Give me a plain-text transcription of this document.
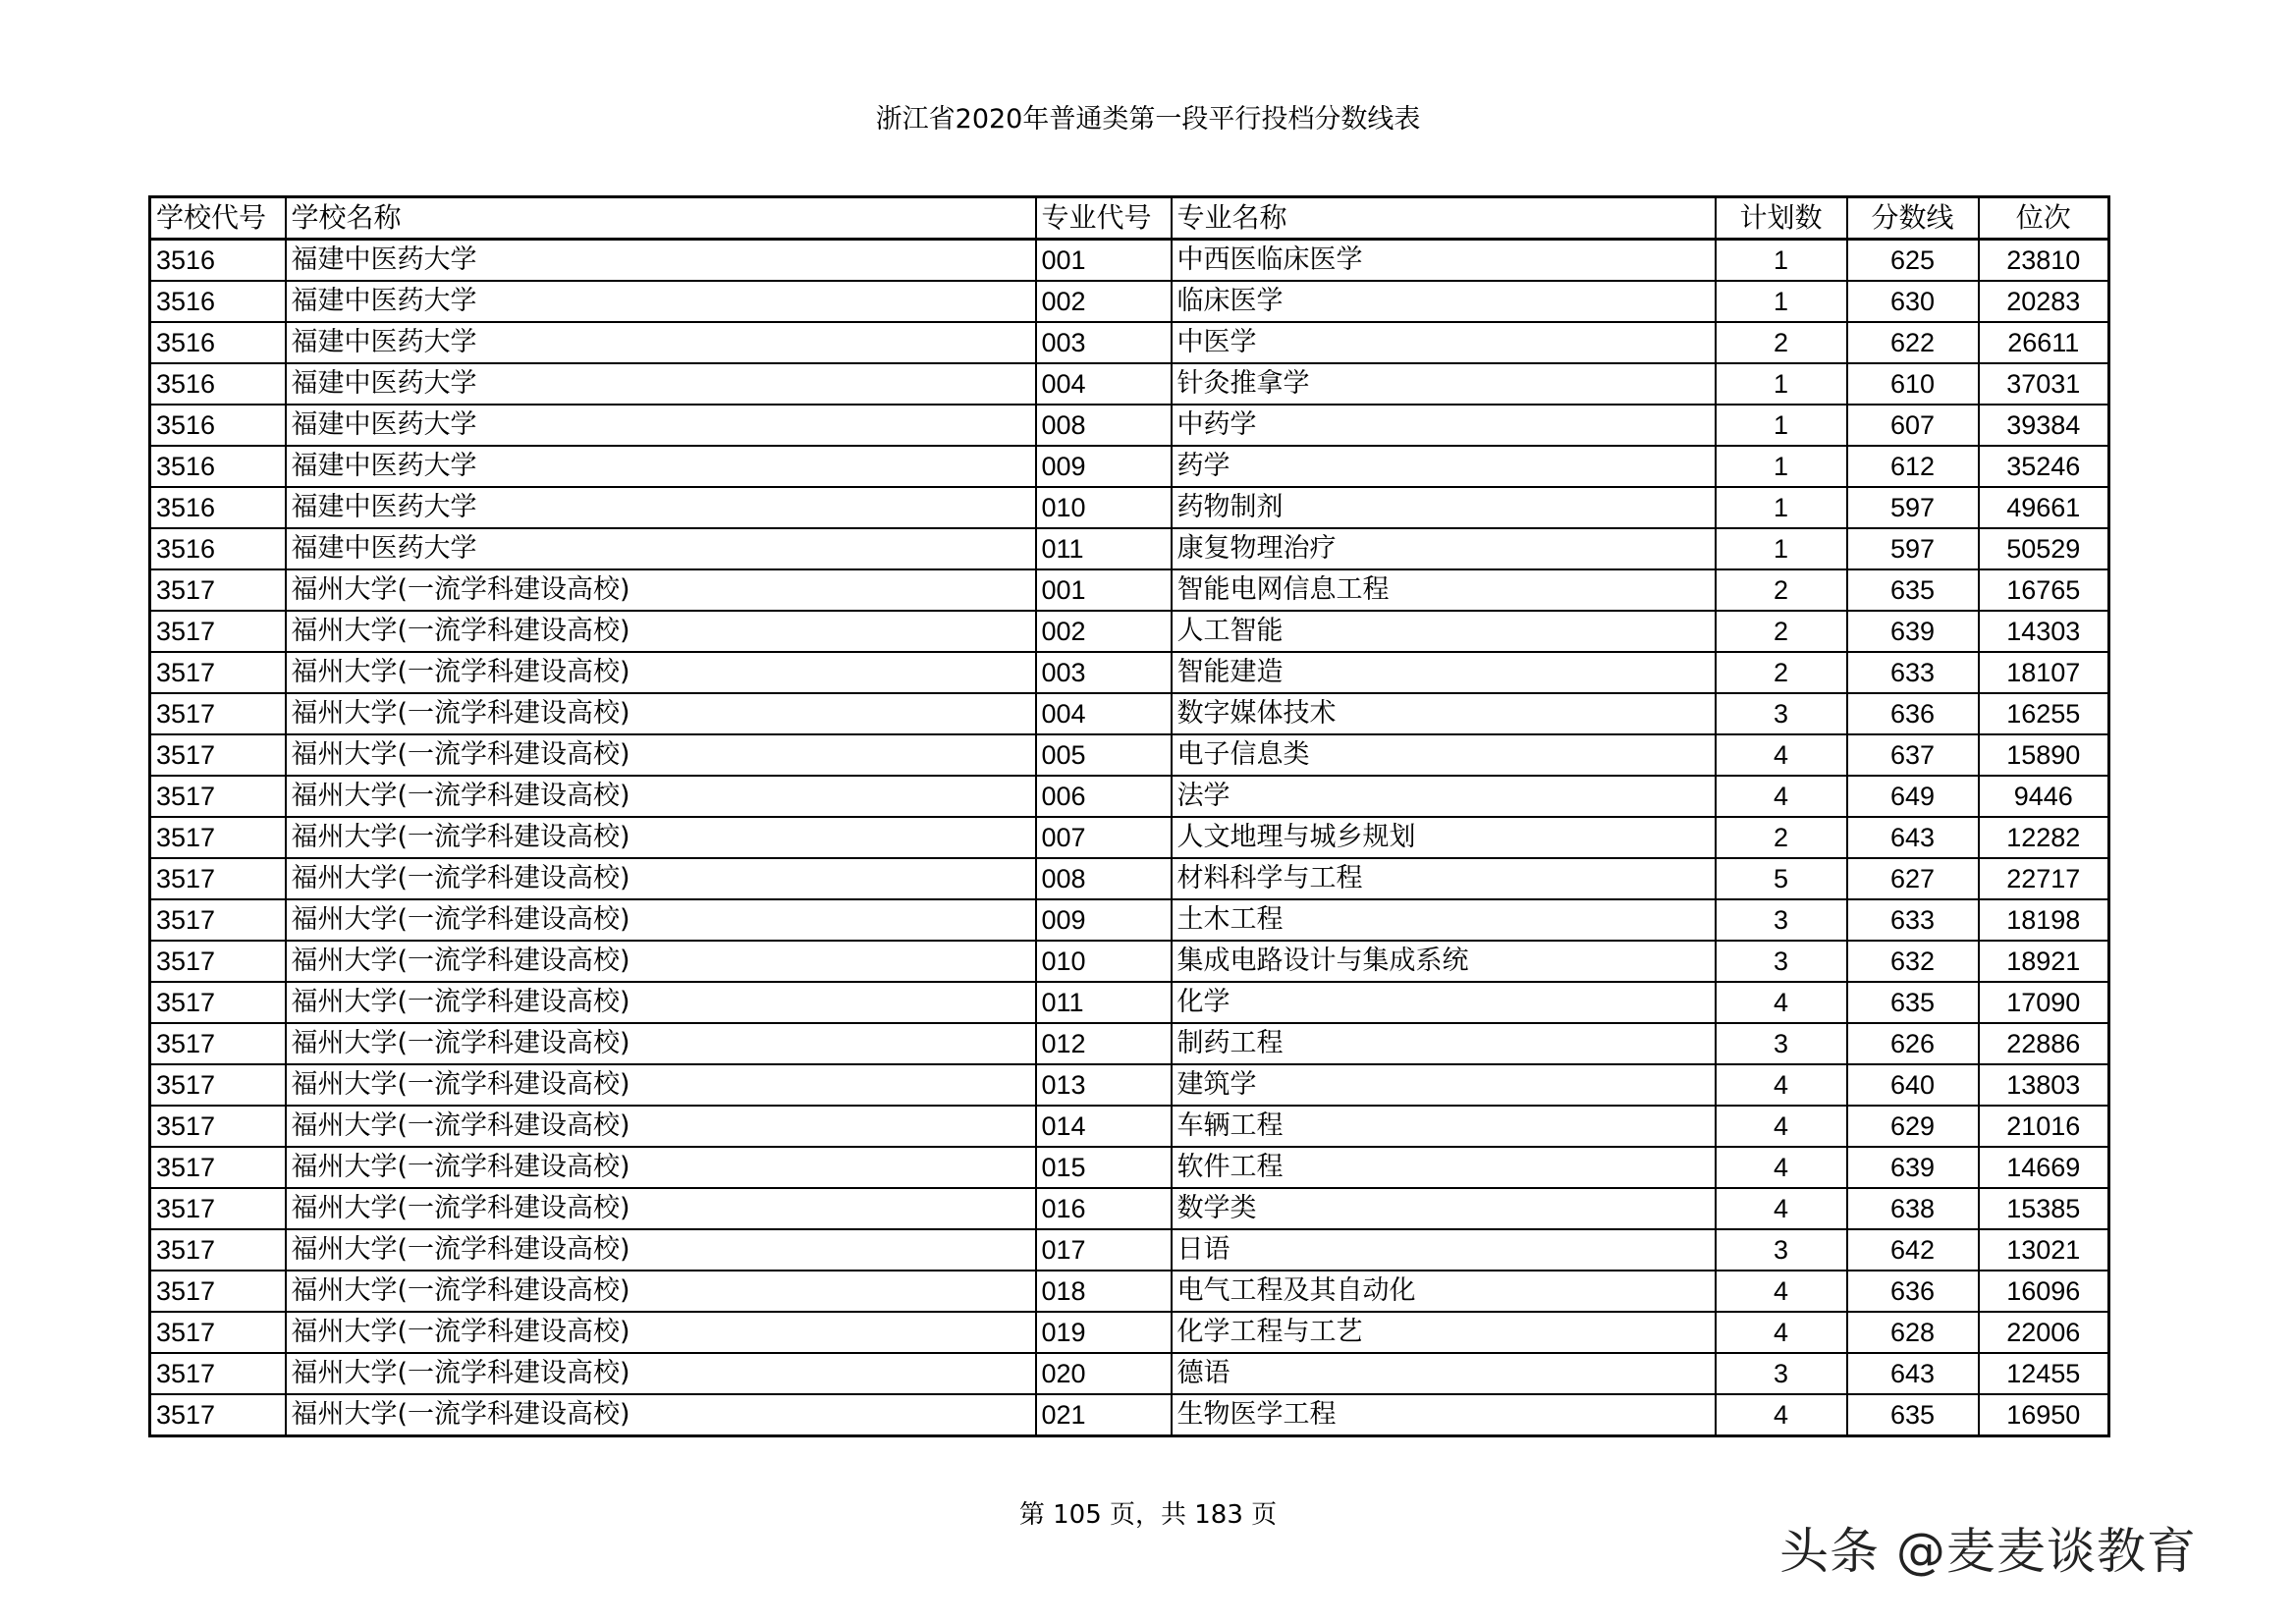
浙江省2020年普通类第一段平行投档分数线表
学校代号	学校名称	专业代号	专业名称	计划数	分数线	位次
3516	福建中医药大学	001	中西医临床医学	1	625	23810
3516	福建中医药大学	002	临床医学	1	630	20283
3516	福建中医药大学	003	中医学	2	622	26611
3516	福建中医药大学	004	针灸推拿学	1	610	37031
3516	福建中医药大学	008	中药学	1	607	39384
3516	福建中医药大学	009	药学	1	612	35246
3516	福建中医药大学	010	药物制剂	1	597	49661
3516	福建中医药大学	011	康复物理治疗	1	597	50529
3517	福州大学(一流学科建设高校)	001	智能电网信息工程	2	635	16765
3517	福州大学(一流学科建设高校)	002	人工智能	2	639	14303
3517	福州大学(一流学科建设高校)	003	智能建造	2	633	18107
3517	福州大学(一流学科建设高校)	004	数字媒体技术	3	636	16255
3517	福州大学(一流学科建设高校)	005	电子信息类	4	637	15890
3517	福州大学(一流学科建设高校)	006	法学	4	649	9446
3517	福州大学(一流学科建设高校)	007	人文地理与城乡规划	2	643	12282
3517	福州大学(一流学科建设高校)	008	材料科学与工程	5	627	22717
3517	福州大学(一流学科建设高校)	009	土木工程	3	633	18198
3517	福州大学(一流学科建设高校)	010	集成电路设计与集成系统	3	632	18921
3517	福州大学(一流学科建设高校)	011	化学	4	635	17090
3517	福州大学(一流学科建设高校)	012	制药工程	3	626	22886
3517	福州大学(一流学科建设高校)	013	建筑学	4	640	13803
3517	福州大学(一流学科建设高校)	014	车辆工程	4	629	21016
3517	福州大学(一流学科建设高校)	015	软件工程	4	639	14669
3517	福州大学(一流学科建设高校)	016	数学类	4	638	15385
3517	福州大学(一流学科建设高校)	017	日语	3	642	13021
3517	福州大学(一流学科建设高校)	018	电气工程及其自动化	4	636	16096
3517	福州大学(一流学科建设高校)	019	化学工程与工艺	4	628	22006
3517	福州大学(一流学科建设高校)	020	德语	3	643	12455
3517	福州大学(一流学科建设高校)	021	生物医学工程	4	635	16950
第 105 页，共 183 页
头条 @麦麦谈教育
